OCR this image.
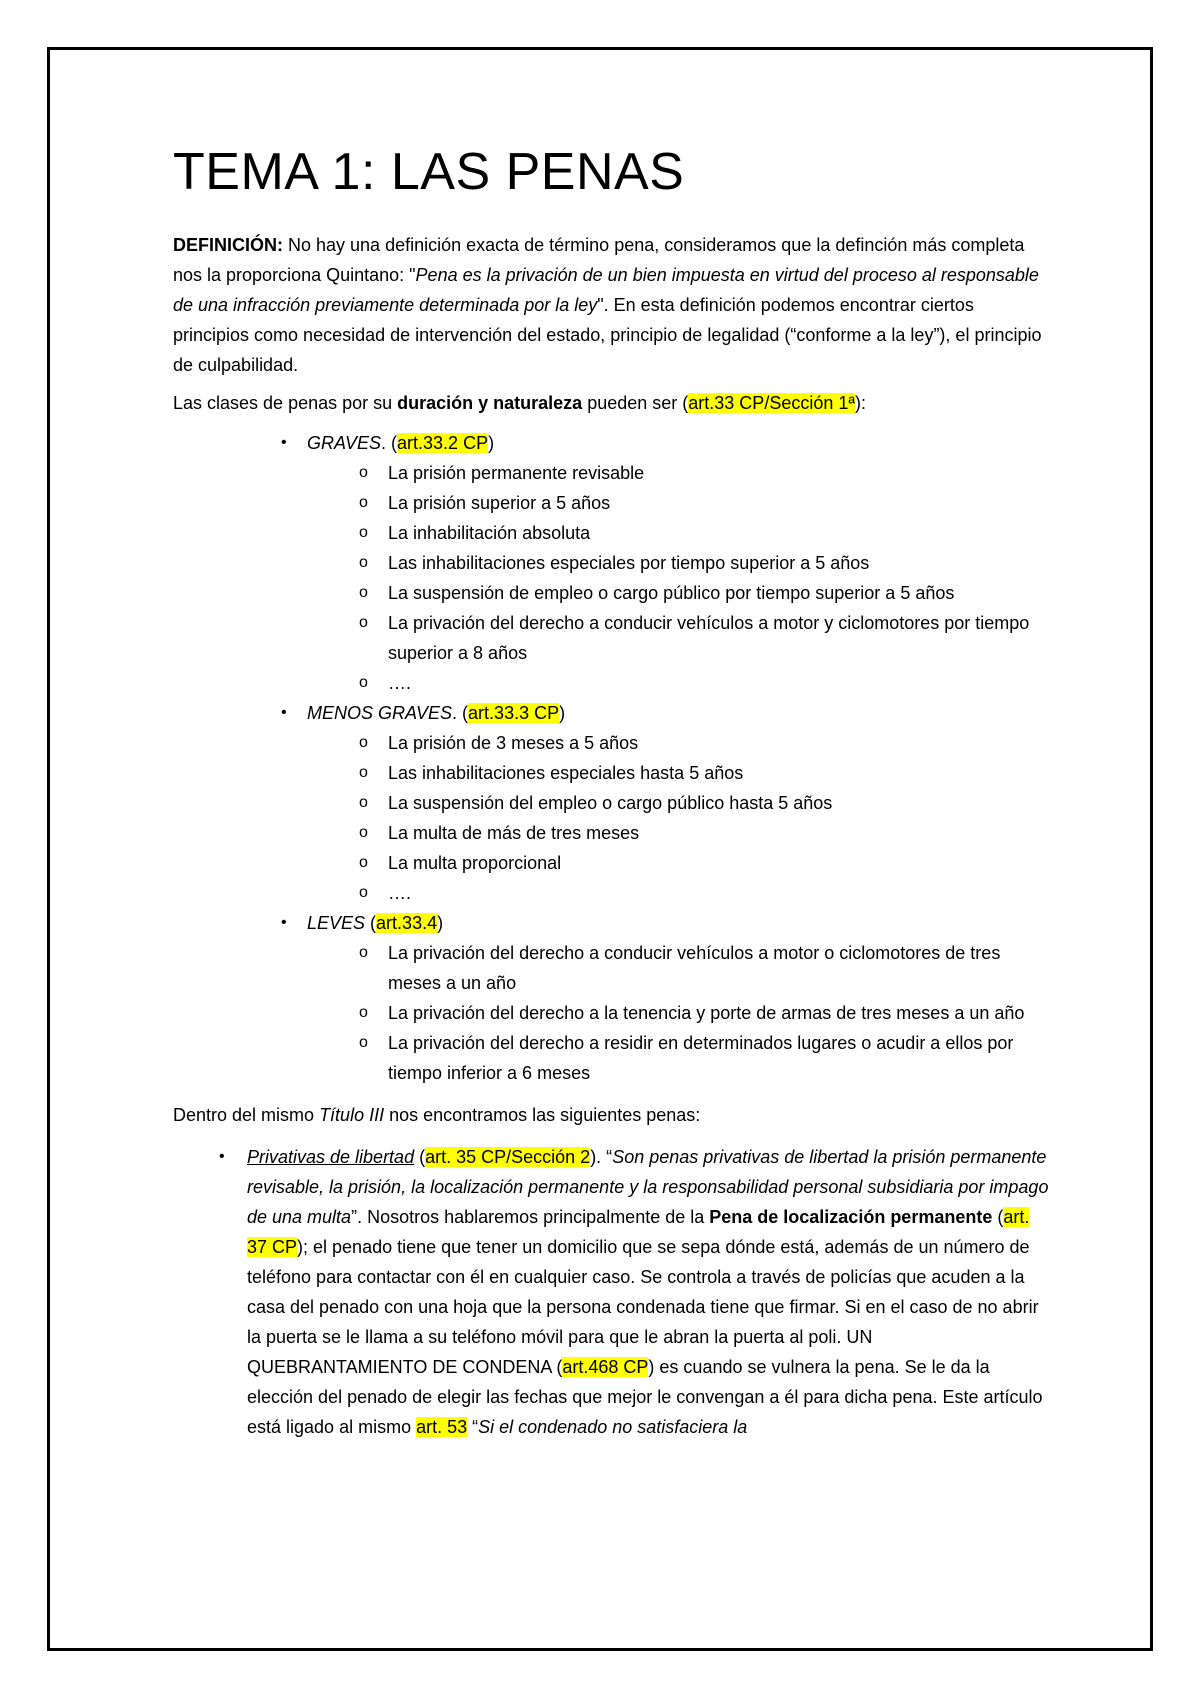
TEMA 1: LAS PENAS

DEFINICIÓN: No hay una definición exacta de término pena, consideramos que la definción más completa nos la proporciona Quintano: "Pena es la privación de un bien impuesta en virtud del proceso al responsable de una infracción previamente determinada por la ley". En esta definición podemos encontrar ciertos principios como necesidad de intervención del estado, principio de legalidad (“conforme a la ley”), el principio de culpabilidad.

Las clases de penas por su duración y naturaleza pueden ser (art.33 CP/Sección 1ª):

• GRAVES. (art.33.2 CP)
o La prisión permanente revisable
o La prisión superior a 5 años
o La inhabilitación absoluta
o Las inhabilitaciones especiales por tiempo superior a 5 años
o La suspensión de empleo o cargo público por tiempo superior a 5 años
o La privación del derecho a conducir vehículos a motor y ciclomotores por tiempo superior a 8 años
o ….
• MENOS GRAVES. (art.33.3 CP)
o La prisión de 3 meses a 5 años
o Las inhabilitaciones especiales hasta 5 años
o La suspensión del empleo o cargo público hasta 5 años
o La multa de más de tres meses
o La multa proporcional
o ….
• LEVES (art.33.4)
o La privación del derecho a conducir vehículos a motor o ciclomotores de tres meses a un año
o La privación del derecho a la tenencia y porte de armas de tres meses a un año
o La privación del derecho a residir en determinados lugares o acudir a ellos por tiempo inferior a 6 meses

Dentro del mismo Título III nos encontramos las siguientes penas:

• Privativas de libertad (art. 35 CP/Sección 2). “Son penas privativas de libertad la prisión permanente revisable, la prisión, la localización permanente y la responsabilidad personal subsidiaria por impago de una multa”. Nosotros hablaremos principalmente de la Pena de localización permanente (art. 37 CP); el penado tiene que tener un domicilio que se sepa dónde está, además de un número de teléfono para contactar con él en cualquier caso. Se controla a través de policías que acuden a la casa del penado con una hoja que la persona condenada tiene que firmar. Si en el caso de no abrir la puerta se le llama a su teléfono móvil para que le abran la puerta al poli. UN QUEBRANTAMIENTO DE CONDENA (art.468 CP) es cuando se vulnera la pena. Se le da la elección del penado de elegir las fechas que mejor le convengan a él para dicha pena. Este artículo está ligado al mismo art. 53 “Si el condenado no satisfaciera la
